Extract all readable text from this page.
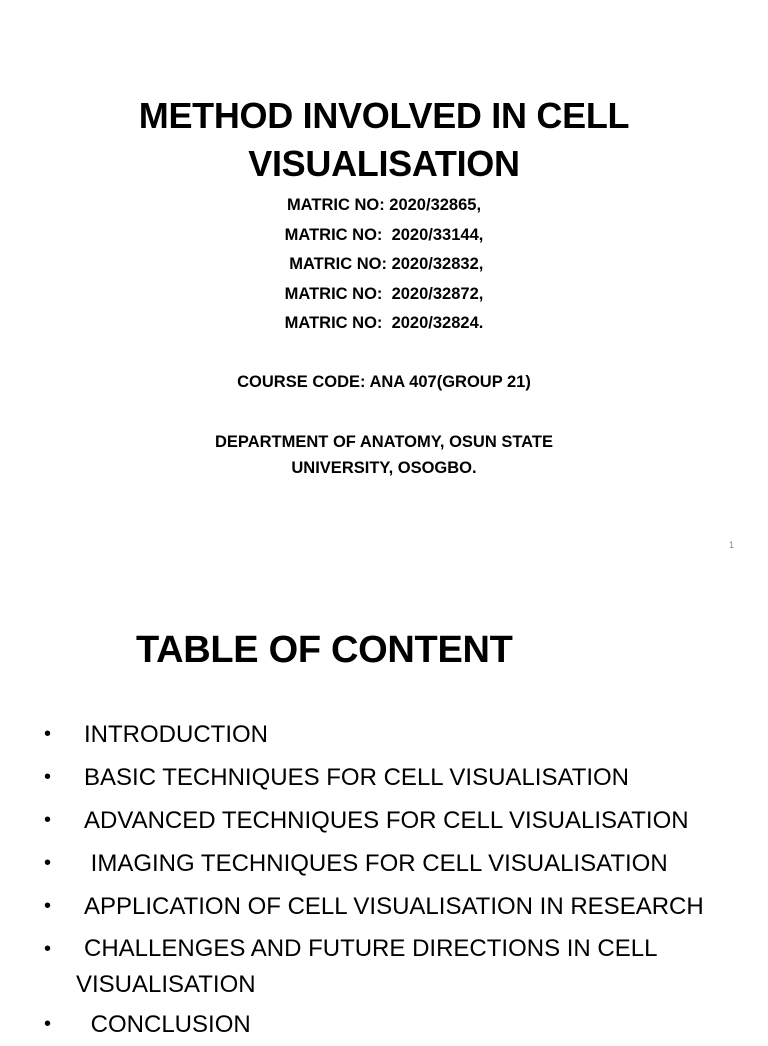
METHOD INVOLVED IN CELL
VISUALISATION
MATRIC NO: 2020/32865,
MATRIC NO:  2020/33144,
MATRIC NO: 2020/32832,
MATRIC NO:  2020/32872,
MATRIC NO:  2020/32824.
COURSE CODE: ANA 407(GROUP 21)
DEPARTMENT OF ANATOMY, OSUN STATE
UNIVERSITY, OSOGBO.
1
TABLE OF CONTENT
• INTRODUCTION
• BASIC TECHNIQUES FOR CELL VISUALISATION
• ADVANCED TECHNIQUES FOR CELL VISUALISATION
• IMAGING TECHNIQUES FOR CELL VISUALISATION
• APPLICATION OF CELL VISUALISATION IN RESEARCH
• CHALLENGES AND FUTURE DIRECTIONS IN CELL
VISUALISATION
• CONCLUSION
